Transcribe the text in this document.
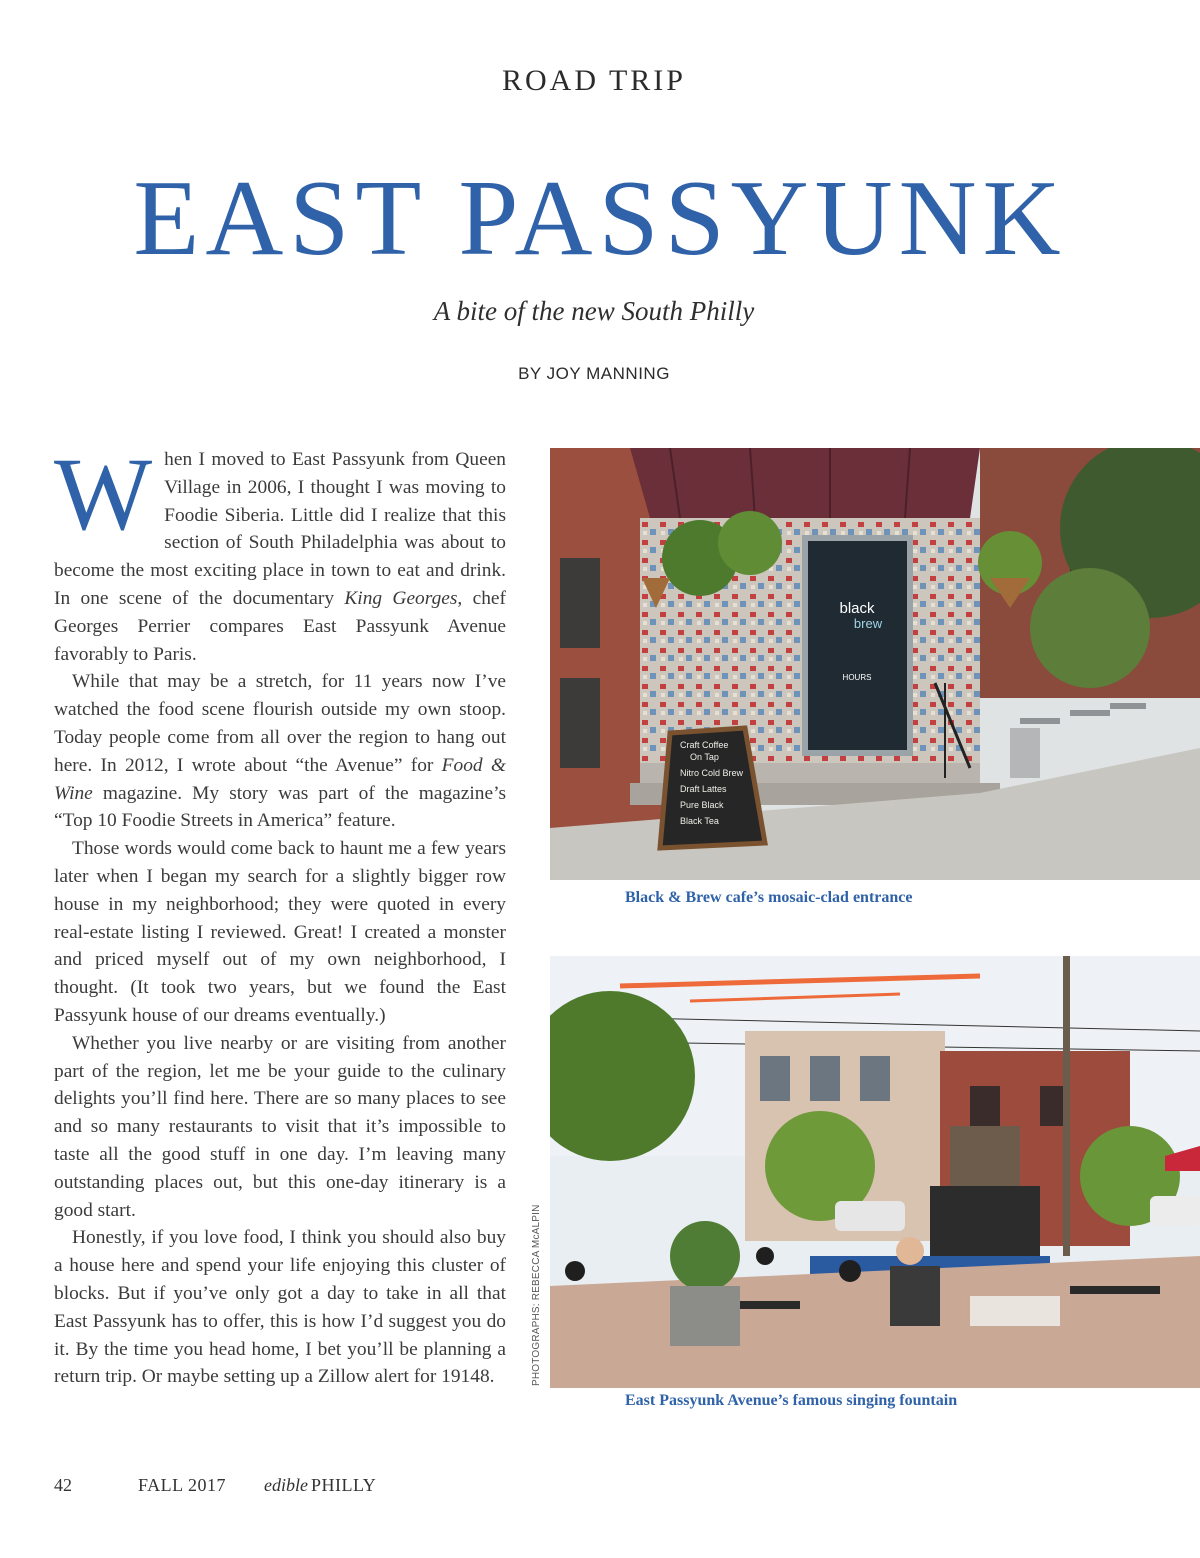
ROAD TRIP
EAST PASSYUNK
A bite of the new South Philly
BY JOY MANNING

When I moved to East Passyunk from Queen Village in 2006, I thought I was moving to Foodie Siberia. Little did I realize that this section of South Philadelphia was about to become the most exciting place in town to eat and drink. In one scene of the documentary King Georges, chef Georges Perrier compares East Passyunk Avenue favorably to Paris.

While that may be a stretch, for 11 years now I’ve watched the food scene flourish outside my own stoop. Today people come from all over the region to hang out here. In 2012, I wrote about “the Avenue” for Food & Wine magazine. My story was part of the magazine’s “Top 10 Foodie Streets in America” feature.

Those words would come back to haunt me a few years later when I began my search for a slightly bigger row house in my neighborhood; they were quoted in every real-estate listing I reviewed. Great! I created a monster and priced myself out of my own neighborhood, I thought. (It took two years, but we found the East Passyunk house of our dreams eventually.)

Whether you live nearby or are visiting from another part of the region, let me be your guide to the culinary delights you’ll find here. There are so many places to see and so many restaurants to visit that it’s impossible to taste all the good stuff in one day. I’m leaving many outstanding places out, but this one-day itinerary is a good start.

Honestly, if you love food, I think you should also buy a house here and spend your life enjoying this cluster of blocks. But if you’ve only got a day to take in all that East Passyunk has to offer, this is how I’d suggest you do it. By the time you head home, I bet you’ll be planning a return trip. Or maybe setting up a Zillow alert for 19148.

black
brew
HOURS
Craft Coffee
On Tap
Nitro Cold Brew
Draft Lattes
Pure Black
Black Tea
Black & Brew cafe’s mosaic-clad entrance
East Passyunk Avenue’s famous singing fountain
PHOTOGRAPHS: REBECCA McALPIN
42	FALL 2017 edible PHILLY
